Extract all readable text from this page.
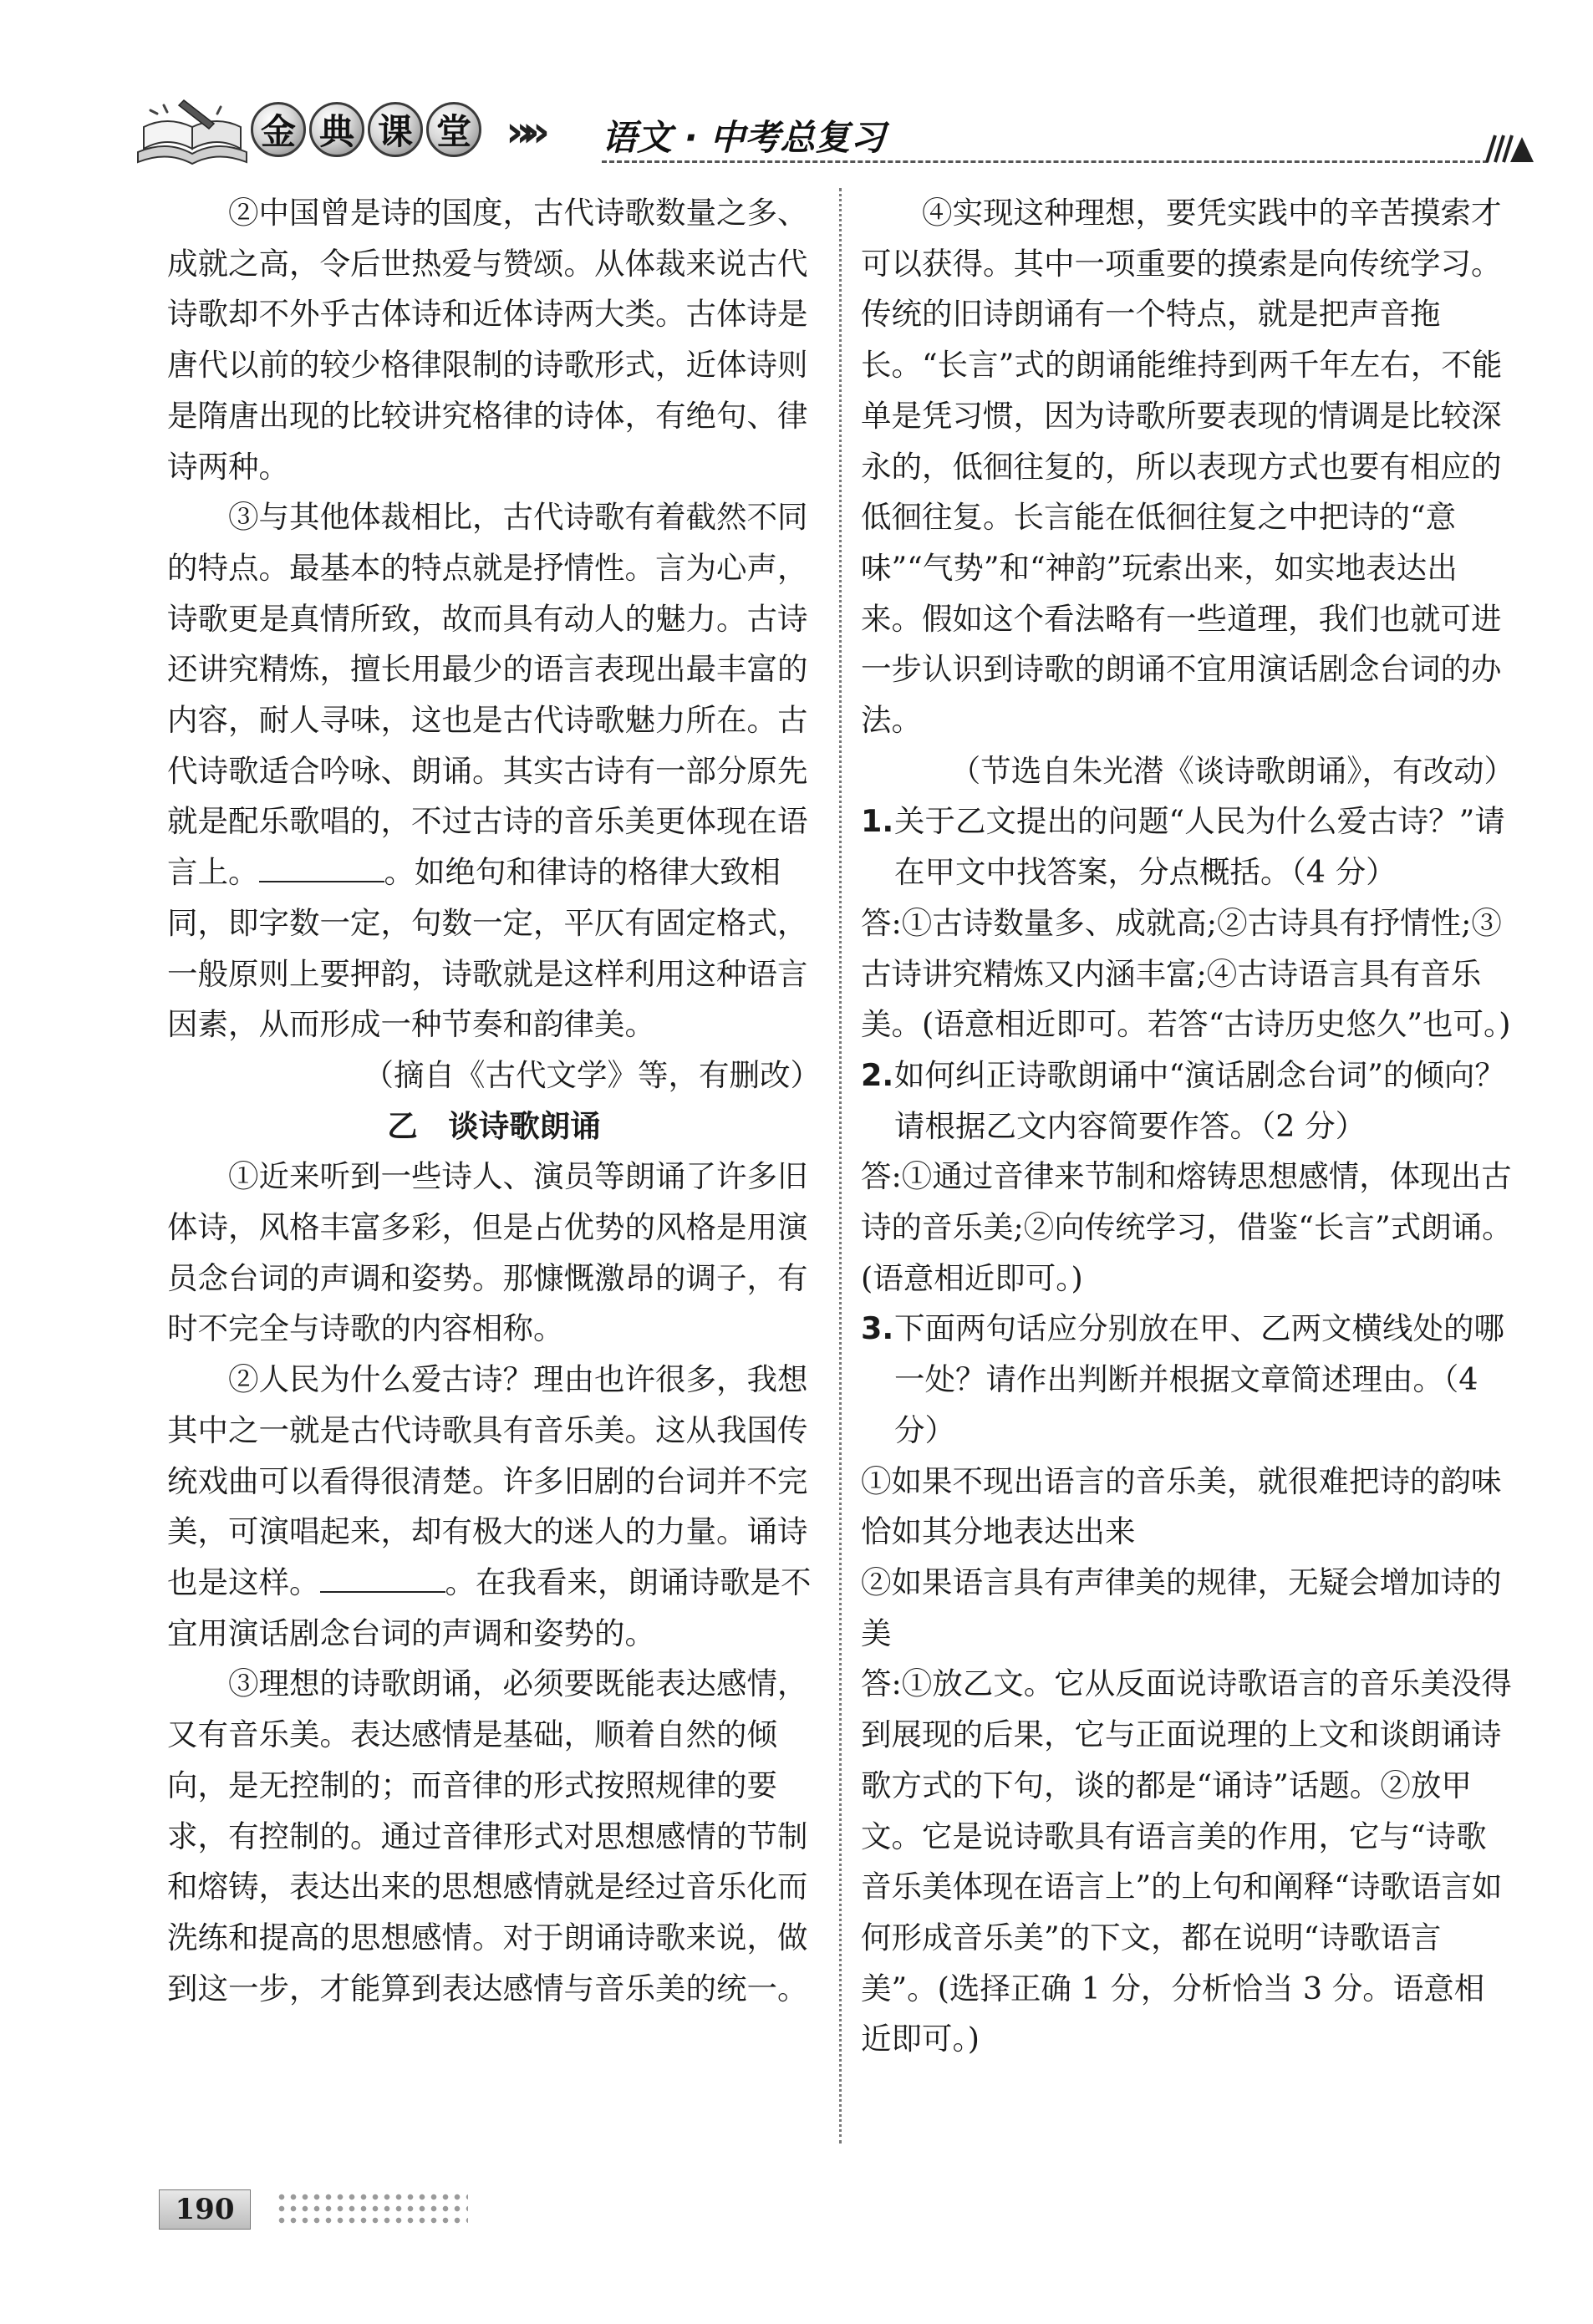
金 典 课 堂 »» 语文 · 中考总复习

②中国曾是诗的国度，古代诗歌数量之多、成就之高，令后世热爱与赞颂。从体裁来说古代诗歌却不外乎古体诗和近体诗两大类。古体诗是唐代以前的较少格律限制的诗歌形式，近体诗则是隋唐出现的比较讲究格律的诗体，有绝句、律诗两种。

③与其他体裁相比，古代诗歌有着截然不同的特点。最基本的特点就是抒情性。言为心声，诗歌更是真情所致，故而具有动人的魅力。古诗还讲究精炼，擅长用最少的语言表现出最丰富的内容，耐人寻味，这也是古代诗歌魅力所在。古代诗歌适合吟咏、朗诵。其实古诗有一部分原先就是配乐歌唱的，不过古诗的音乐美更体现在语言上。	。如绝句和律诗的格律大致相同，即字数一定，句数一定，平仄有固定格式，一般原则上要押韵，诗歌就是这样利用这种语言因素，从而形成一种节奏和韵律美。

（摘自《古代文学》等，有删改）

乙　谈诗歌朗诵

①近来听到一些诗人、演员等朗诵了许多旧体诗，风格丰富多彩，但是占优势的风格是用演员念台词的声调和姿势。那慷慨激昂的调子，有时不完全与诗歌的内容相称。

②人民为什么爱古诗？理由也许很多，我想其中之一就是古代诗歌具有音乐美。这从我国传统戏曲可以看得很清楚。许多旧剧的台词并不完美，可演唱起来，却有极大的迷人的力量。诵诗也是这样。	。在我看来，朗诵诗歌是不宜用演话剧念台词的声调和姿势的。

③理想的诗歌朗诵，必须要既能表达感情，又有音乐美。表达感情是基础，顺着自然的倾向，是无控制的；而音律的形式按照规律的要求，有控制的。通过音律形式对思想感情的节制和熔铸，表达出来的思想感情就是经过音乐化而洗练和提高的思想感情。对于朗诵诗歌来说，做到这一步，才能算到表达感情与音乐美的统一。

④实现这种理想，要凭实践中的辛苦摸索才可以获得。其中一项重要的摸索是向传统学习。传统的旧诗朗诵有一个特点，就是把声音拖长。“长言”式的朗诵能维持到两千年左右，不能单是凭习惯，因为诗歌所要表现的情调是比较深永的，低徊往复的，所以表现方式也要有相应的低徊往复。长言能在低徊往复之中把诗的“意味”“气势”和“神韵”玩索出来，如实地表达出来。假如这个看法略有一些道理，我们也就可进一步认识到诗歌的朗诵不宜用演话剧念台词的办法。

（节选自朱光潜《谈诗歌朗诵》，有改动）

1. 关于乙文提出的问题“人民为什么爱古诗？”请在甲文中找答案，分点概括。（4 分）

答:①古诗数量多、成就高;②古诗具有抒情性;③古诗讲究精炼又内涵丰富;④古诗语言具有音乐美。(语意相近即可。若答“古诗历史悠久”也可。)

2. 如何纠正诗歌朗诵中“演话剧念台词”的倾向？请根据乙文内容简要作答。（2 分）

答:①通过音律来节制和熔铸思想感情，体现出古诗的音乐美;②向传统学习，借鉴“长言”式朗诵。(语意相近即可。)

3. 下面两句话应分别放在甲、乙两文横线处的哪一处？请作出判断并根据文章简述理由。（4 分）

①如果不现出语言的音乐美，就很难把诗的韵味恰如其分地表达出来

②如果语言具有声律美的规律，无疑会增加诗的美

答:①放乙文。它从反面说诗歌语言的音乐美没得到展现的后果，它与正面说理的上文和谈朗诵诗歌方式的下句，谈的都是“诵诗”话题。②放甲文。它是说诗歌具有语言美的作用，它与“诗歌音乐美体现在语言上”的上句和阐释“诗歌语言如何形成音乐美”的下文，都在说明“诗歌语言美”。(选择正确 1 分，分析恰当 3 分。语意相近即可。)

190
